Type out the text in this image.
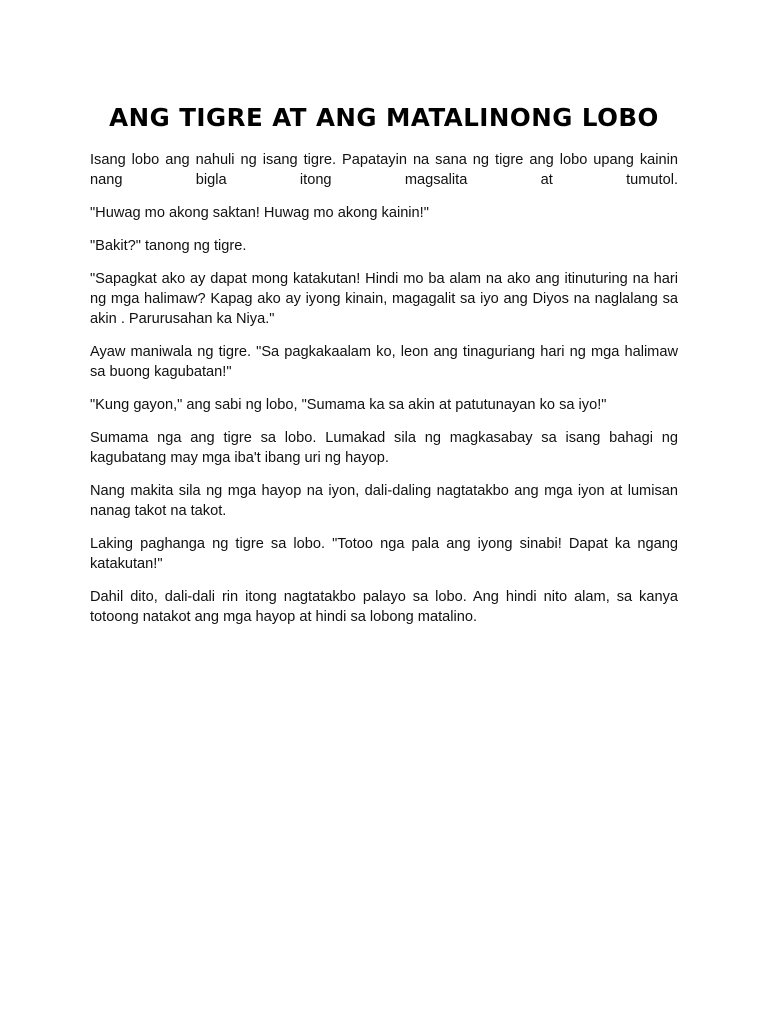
ANG TIGRE AT ANG MATALINONG LOBO

Isang lobo ang nahuli ng isang tigre. Papatayin na sana ng tigre ang lobo upang kainin nang bigla itong magsalita at tumutol.

"Huwag mo akong saktan! Huwag mo akong kainin!"

"Bakit?" tanong ng tigre.

"Sapagkat ako ay dapat mong katakutan! Hindi mo ba alam na ako ang itinuturing na hari ng mga halimaw? Kapag ako ay iyong kinain, magagalit sa iyo ang Diyos na naglalang sa akin . Parurusahan ka Niya."

Ayaw maniwala ng tigre. "Sa pagkakaalam ko, leon ang tinaguriang hari ng mga halimaw sa buong kagubatan!"

"Kung gayon," ang sabi ng lobo, "Sumama ka sa akin at patutunayan ko sa iyo!"

Sumama nga ang tigre sa lobo. Lumakad sila ng magkasabay sa isang bahagi ng kagubatang may mga iba't ibang uri ng hayop.

Nang makita sila ng mga hayop na iyon, dali-daling nagtatakbo ang mga iyon at lumisan nanag takot na takot.

Laking paghanga ng tigre sa lobo. "Totoo nga pala ang iyong sinabi! Dapat ka ngang katakutan!"

Dahil dito, dali-dali rin itong nagtatakbo palayo sa lobo. Ang hindi nito alam, sa kanya totoong natakot ang mga hayop at hindi sa lobong matalino.
